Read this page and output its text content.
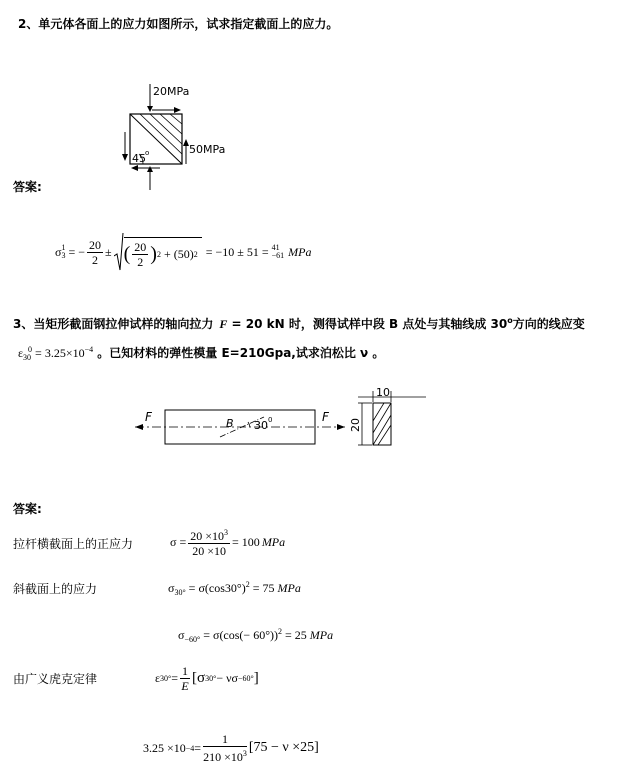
2、单元体各面上的应力如图所示，试求指定截面上的应力。
20MPa
50MPa
45 o
答案:
σ 1
3 = − $\frac{20}{2}$ ± ( $\frac{20}{2}$ ) 2 + (50) 2 = −10 ± 51 = 41
−61 MPa
3、当矩形截面钢拉伸试样的轴向拉力 F = 20 kN 时，测得试样中段 B 点处与其轴线成 30$^o$方向的线应变
$\varepsilon_{30}^0 = 3.25\times 10^{-4}$ 。已知材料的弹性模量 E=210Gpa,试求泊松比 ν 。
F	F
B 30 0
10
20
答案:
拉杆横截面上的正应力	$\sigma = \frac{20 \times 10^3}{20 \times 10} = 100$ MPa
斜截面上的应力	$\sigma_{30^\circ} = \sigma(\cos 30^\circ)^2 = 75$ MPa
$\sigma_{-60^\circ} = \sigma(\cos(- 60^\circ))^2 = 25$ MPa
由广义虎克定律	ε $30^\circ = \frac{1}{E} [\sigma$ 30° − νσ −60° ]
$3.25 \times 10 -4 = \frac{1}{210 \times 10^3} [75 - \nu \times 25]$
